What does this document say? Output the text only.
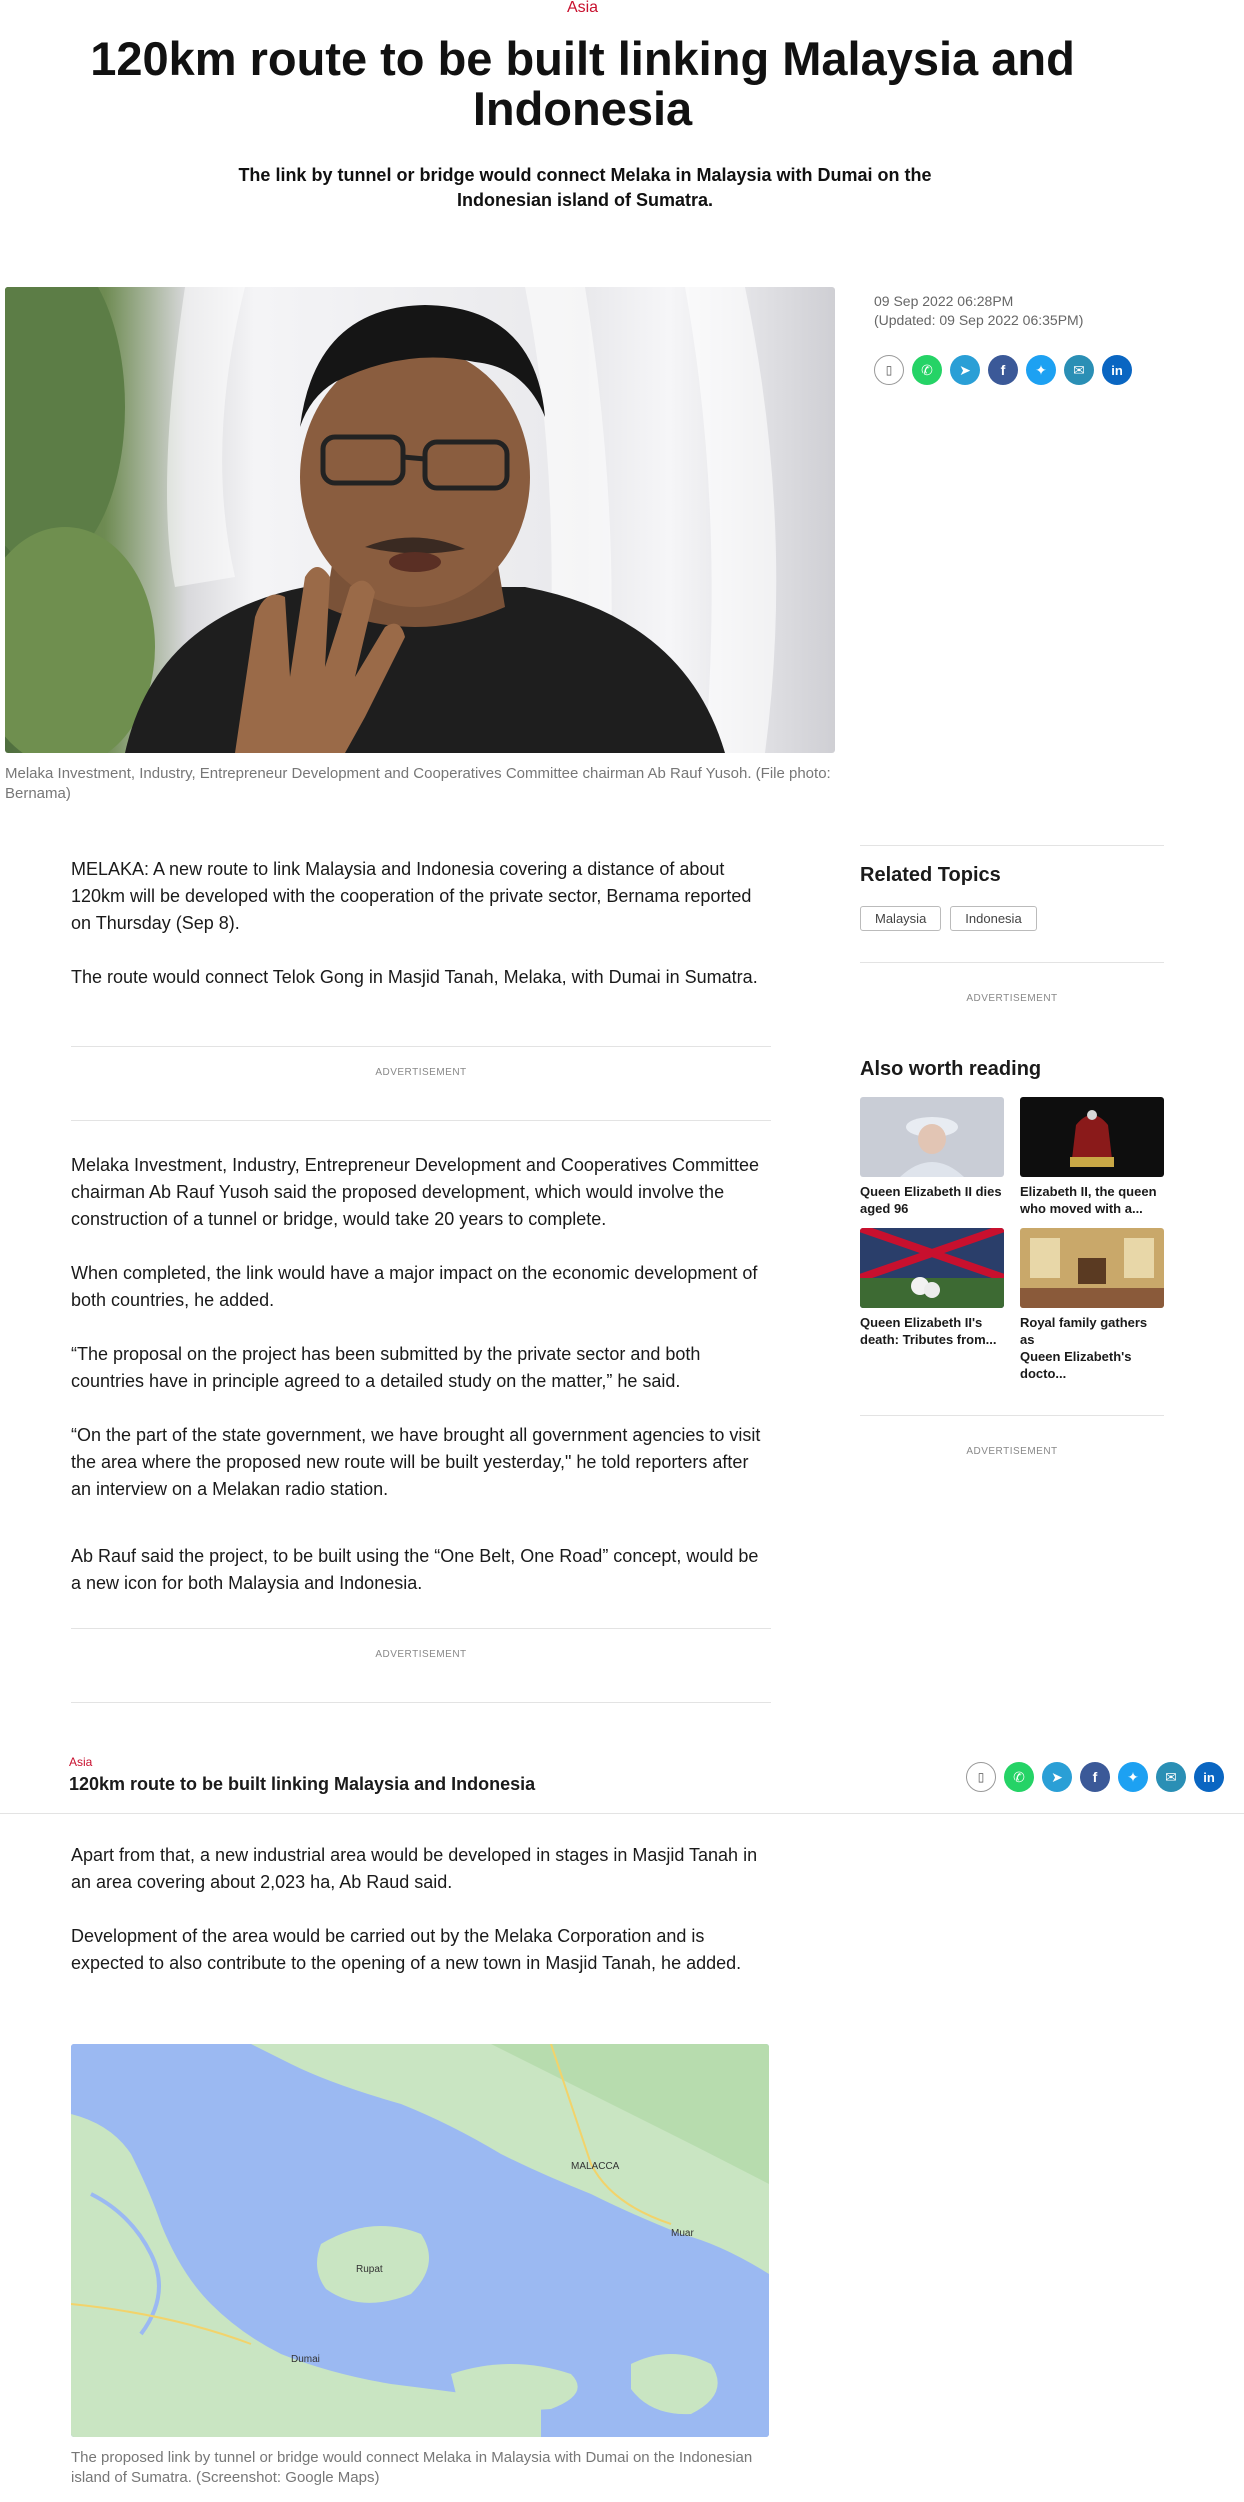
Asia
120km route to be built linking Malaysia and Indonesia

The link by tunnel or bridge would connect Melaka in Malaysia with Dumai on the Indonesian island of Sumatra.

Melaka Investment, Industry, Entrepreneur Development and Cooperatives Committee chairman Ab Rauf Yusoh. (File photo: Bernama)
09 Sep 2022 06:28PM
(Updated: 09 Sep 2022 06:35PM)
▯	✆	➤	f	✦	✉	in

MELAKA: A new route to link Malaysia and Indonesia covering a distance of about 120km will be developed with the cooperation of the private sector, Bernama reported on Thursday (Sep 8).

The route would connect Telok Gong in Masjid Tanah, Melaka, with Dumai in Sumatra.

ADVERTISEMENT

Melaka Investment, Industry, Entrepreneur Development and Cooperatives Committee chairman Ab Rauf Yusoh said the proposed development, which would involve the construction of a tunnel or bridge, would take 20 years to complete.

When completed, the link would have a major impact on the economic development of both countries, he added.

“The proposal on the project has been submitted by the private sector and both countries have in principle agreed to a detailed study on the matter,” he said.

“On the part of the state government, we have brought all government agencies to visit the area where the proposed new route will be built yesterday," he told reporters after an interview on a Melakan radio station.

Ab Rauf said the project, to be built using the “One Belt, One Road” concept, would be a new icon for both Malaysia and Indonesia.

ADVERTISEMENT
Related Topics
Malaysia	Indonesia
ADVERTISEMENT
Also worth reading
Queen Elizabeth II dies
aged 96
Elizabeth II, the queen
who moved with a...
Queen Elizabeth II's
death: Tributes from...
Royal family gathers as
Queen Elizabeth's docto...
ADVERTISEMENT
Asia
120km route to be built linking Malaysia and Indonesia	▯	✆	➤	f	✦	✉	in

Apart from that, a new industrial area would be developed in stages in Masjid Tanah in an area covering about 2,023 ha, Ab Raud said.

Development of the area would be carried out by the Melaka Corporation and is expected to also contribute to the opening of a new town in Masjid Tanah, he added.

MALACCA
Muar
Dumai
Rupat
The proposed link by tunnel or bridge would connect Melaka in Malaysia with Dumai on the Indonesian island of Sumatra. (Screenshot: Google Maps)
